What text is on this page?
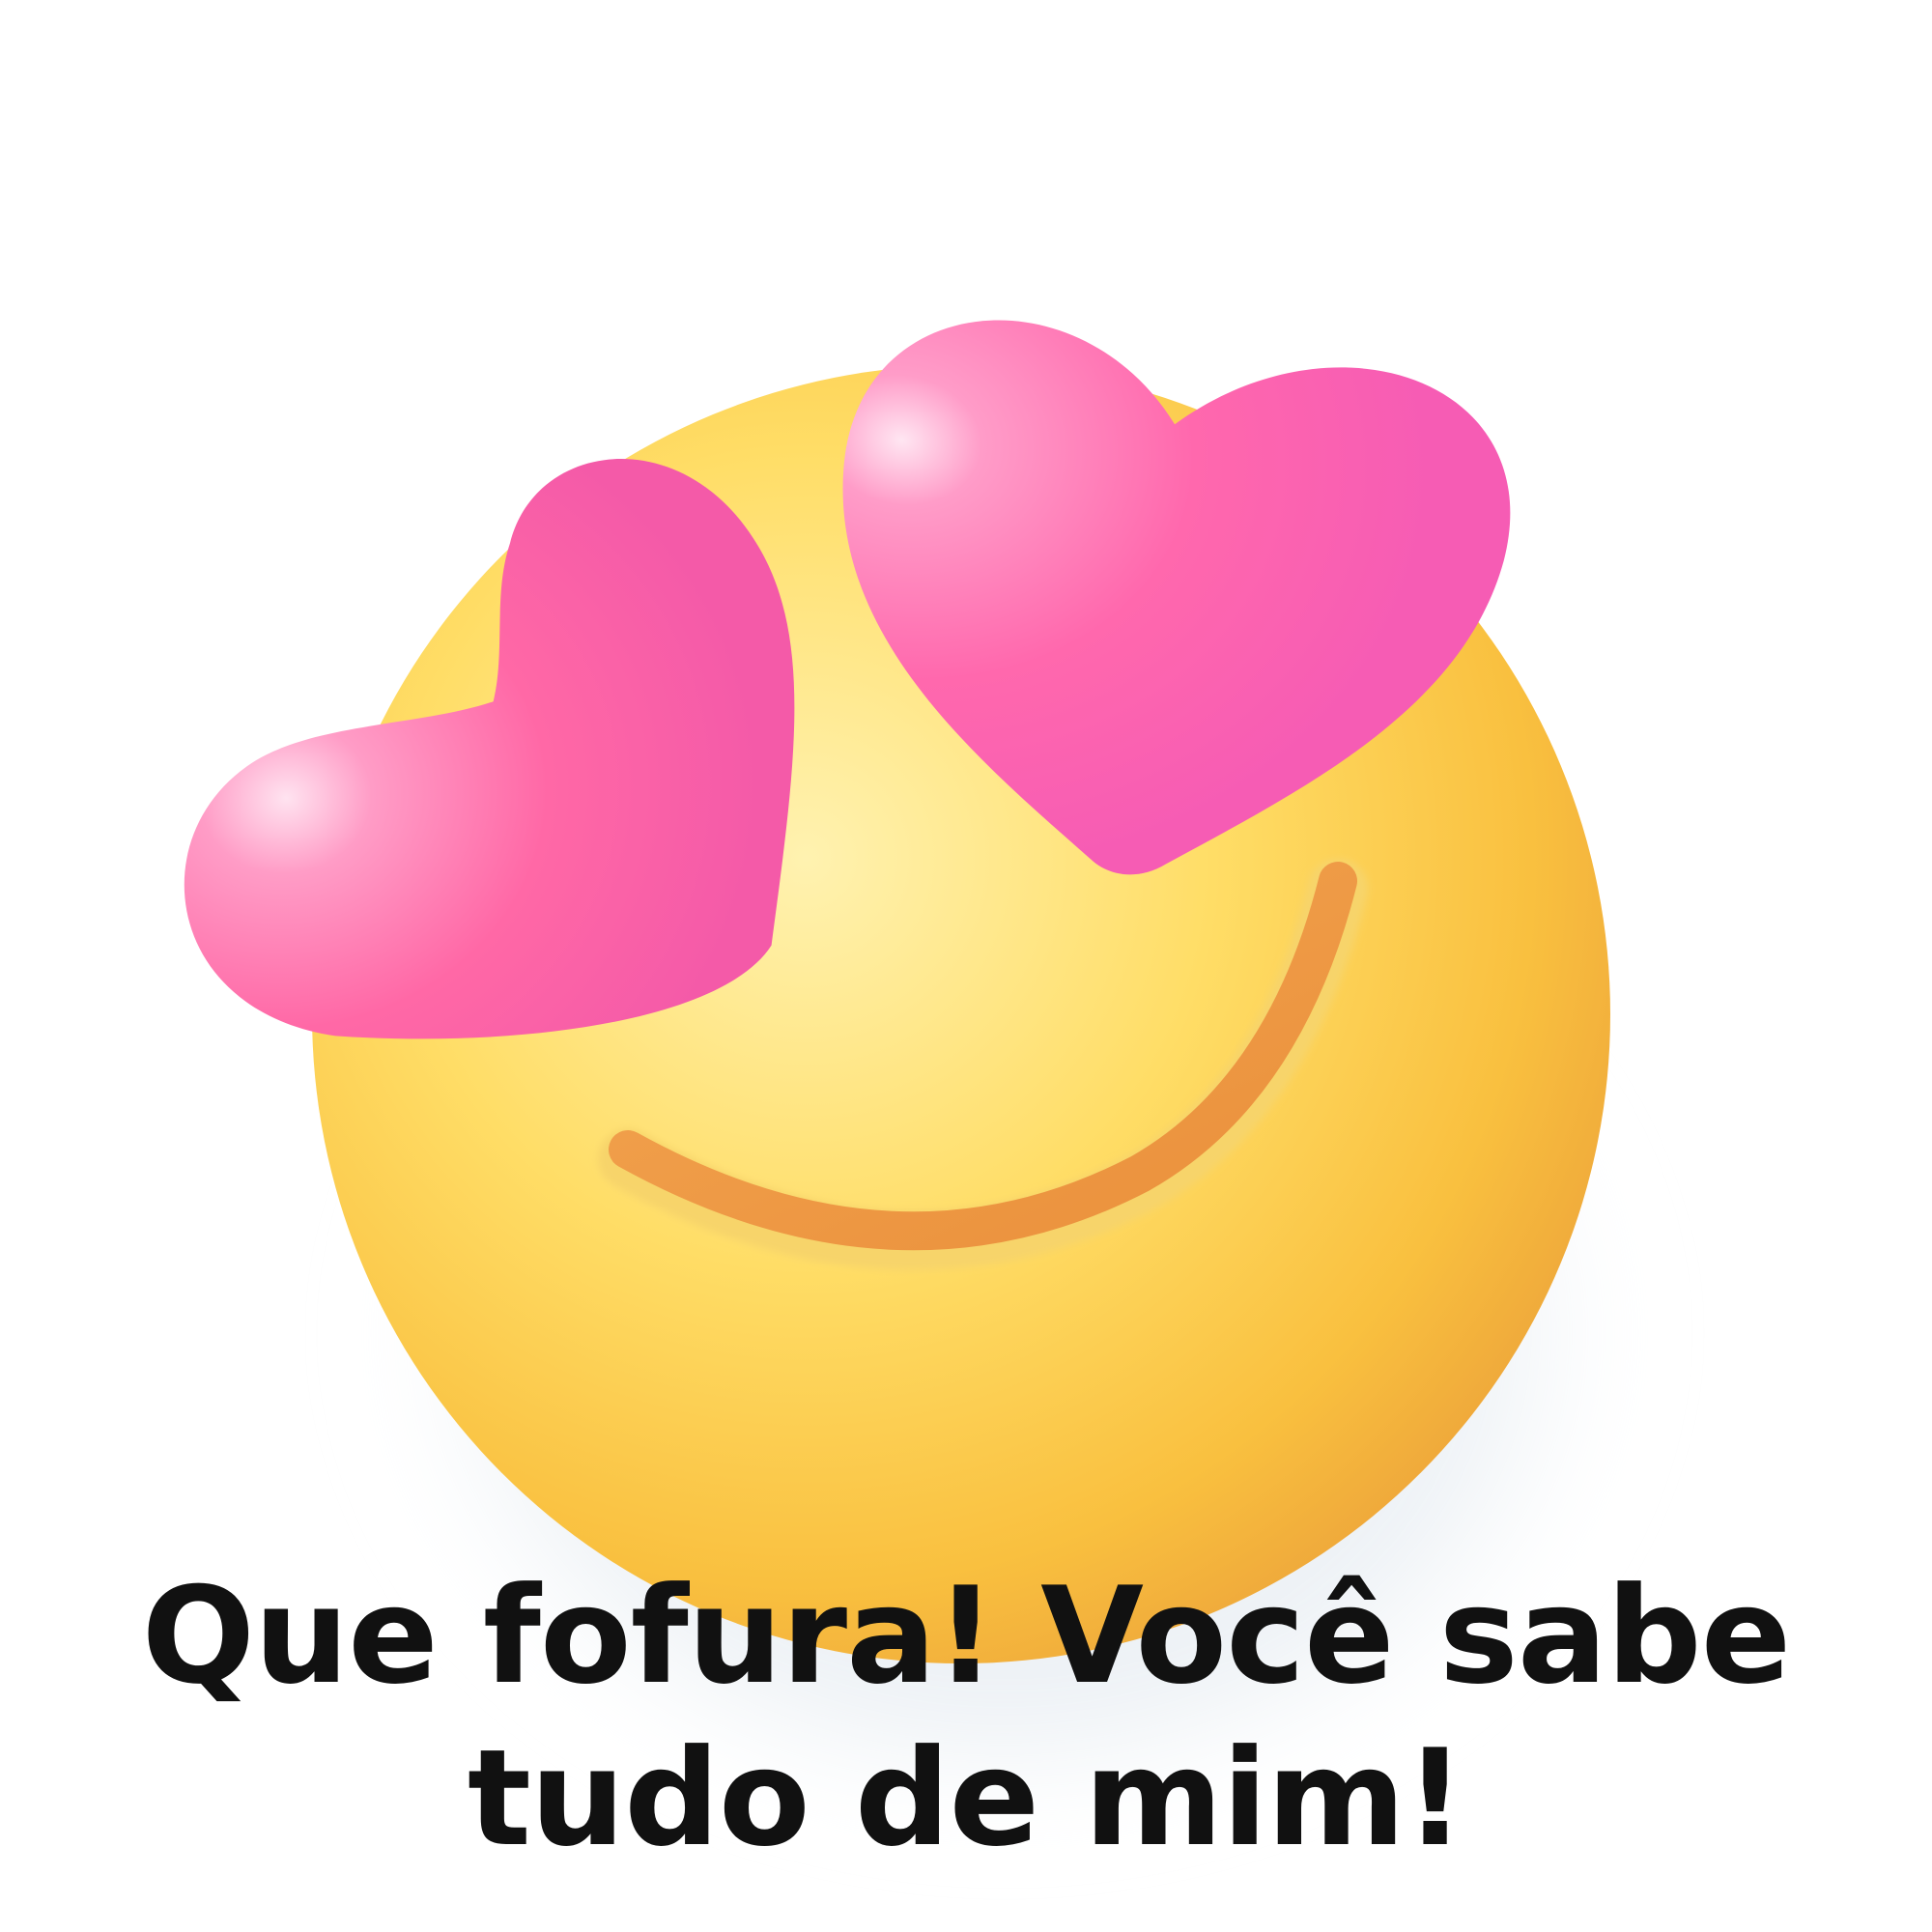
Que fofura! Você sabe
tudo de mim!
